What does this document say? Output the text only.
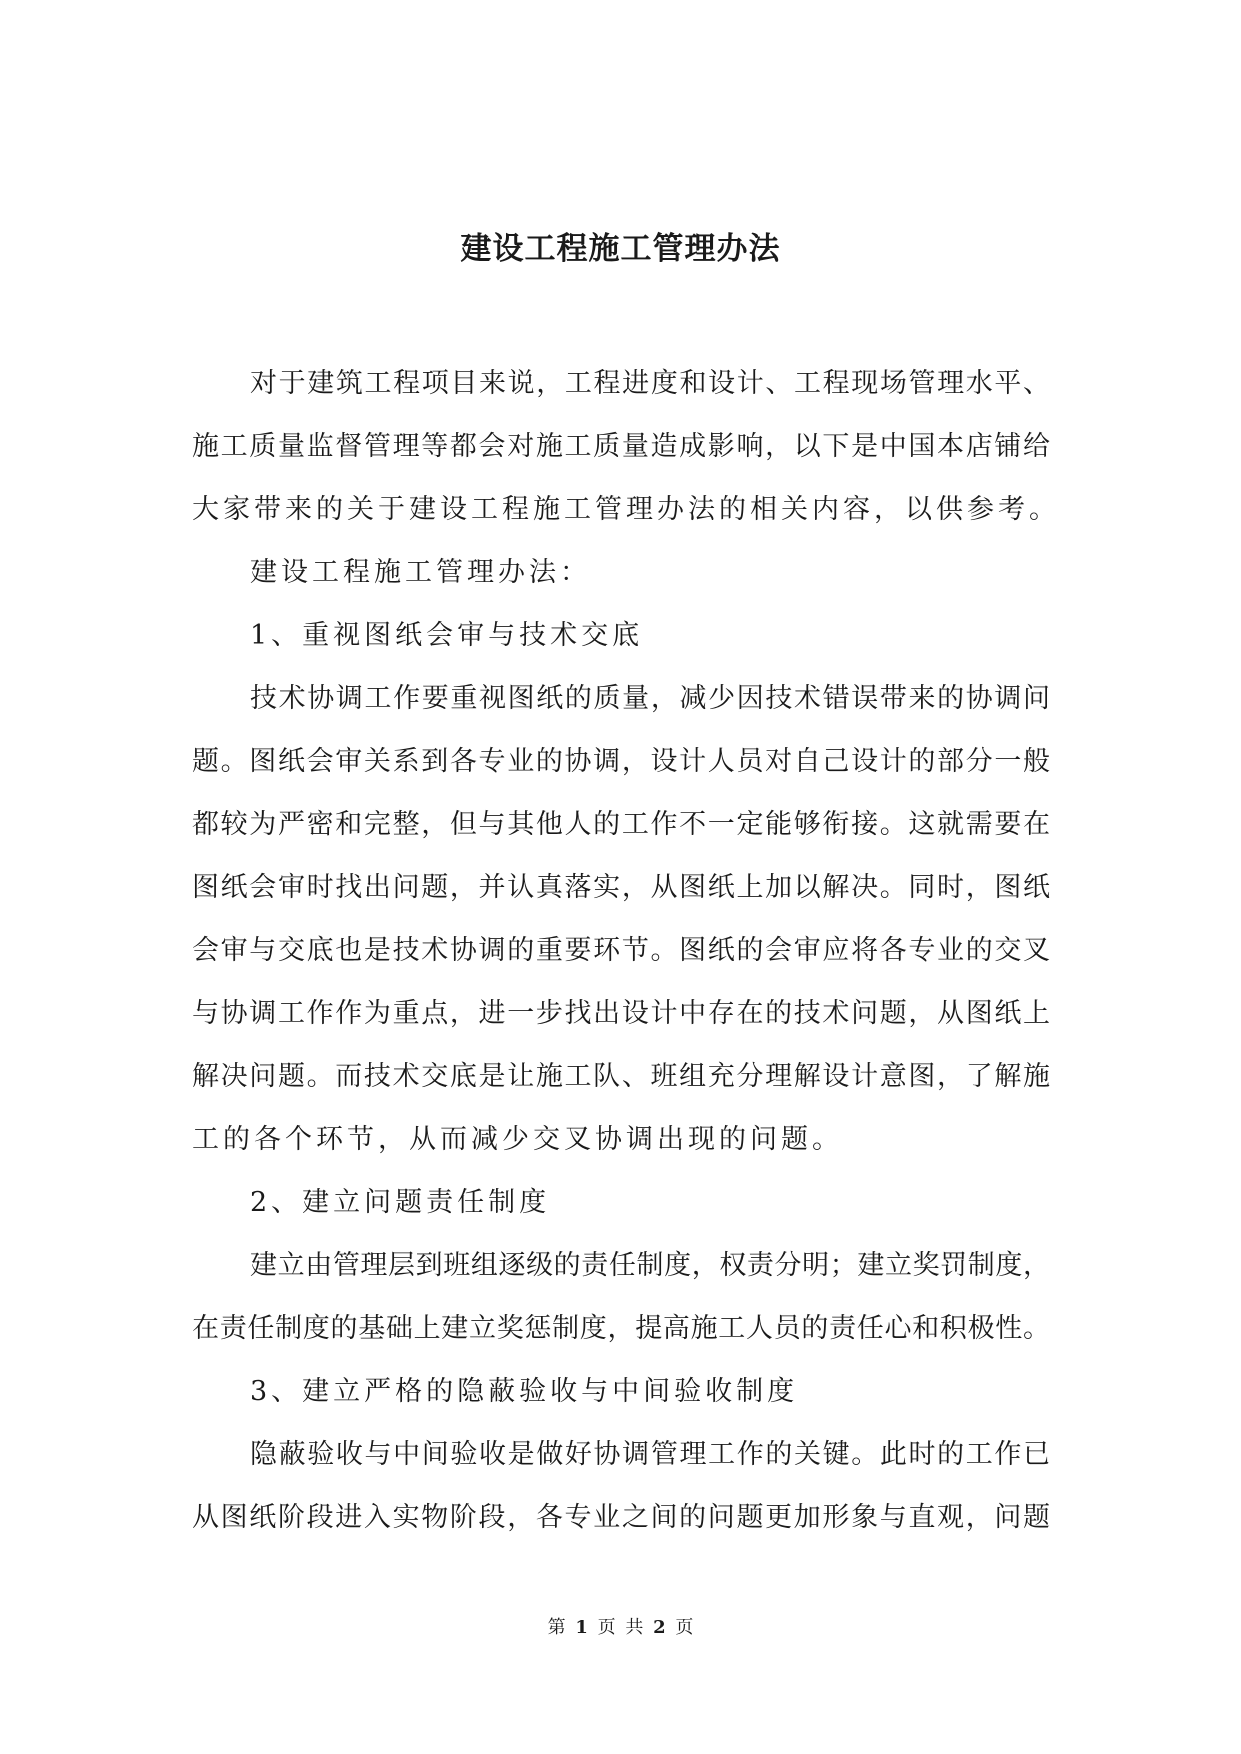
建设工程施工管理办法
对于建筑工程项目来说，工程进度和设计、工程现场管理水平、
施工质量监督管理等都会对施工质量造成影响，以下是中国本店铺给
大家带来的关于建设工程施工管理办法的相关内容，以供参考。
建设工程施工管理办法：
1、重视图纸会审与技术交底
技术协调工作要重视图纸的质量，减少因技术错误带来的协调问
题。图纸会审关系到各专业的协调，设计人员对自己设计的部分一般
都较为严密和完整，但与其他人的工作不一定能够衔接。这就需要在
图纸会审时找出问题，并认真落实，从图纸上加以解决。同时，图纸
会审与交底也是技术协调的重要环节。图纸的会审应将各专业的交叉
与协调工作作为重点，进一步找出设计中存在的技术问题，从图纸上
解决问题。而技术交底是让施工队、班组充分理解设计意图，了解施
工的各个环节，从而减少交叉协调出现的问题。
2、建立问题责任制度
建立由管理层到班组逐级的责任制度，权责分明；建立奖罚制度，
在责任制度的基础上建立奖惩制度，提高施工人员的责任心和积极性。
3、建立严格的隐蔽验收与中间验收制度
隐蔽验收与中间验收是做好协调管理工作的关键。此时的工作已
从图纸阶段进入实物阶段，各专业之间的问题更加形象与直观，问题
第 1 页 共 2 页
